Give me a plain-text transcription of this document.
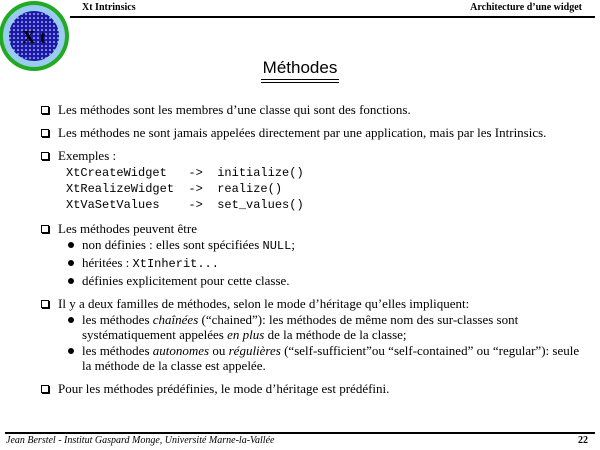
X t
Xt Intrinsics	Architecture d’une widget
Méthodes
Les méthodes sont les membres d’une classe qui sont des fonctions.
Les méthodes ne sont jamais appelées directement par une application, mais par les Intrinsics.
Exemples :
XtCreateWidget   ->  initialize()
XtRealizeWidget  ->  realize()
XtVaSetValues    ->  set_values()
Les méthodes peuvent être
non définies : elles sont spécifiées NULL;
héritées : XtInherit...
définies explicitement pour cette classe.
Il y a deux familles de méthodes, selon le mode d’héritage qu’elles impliquent:
les méthodes chaînées (“chained”): les méthodes de même nom des sur-classes sont systématiquement appelées en plus de la méthode de la classe;
les méthodes autonomes ou régulières (“self-sufficient”ou “self-contained” ou “regular”): seule la méthode de la classe est appelée.
Pour les méthodes prédéfinies, le mode d’héritage est prédéfini.
Jean Berstel - Institut Gaspard Monge, Université Marne-la-Vallée	22
